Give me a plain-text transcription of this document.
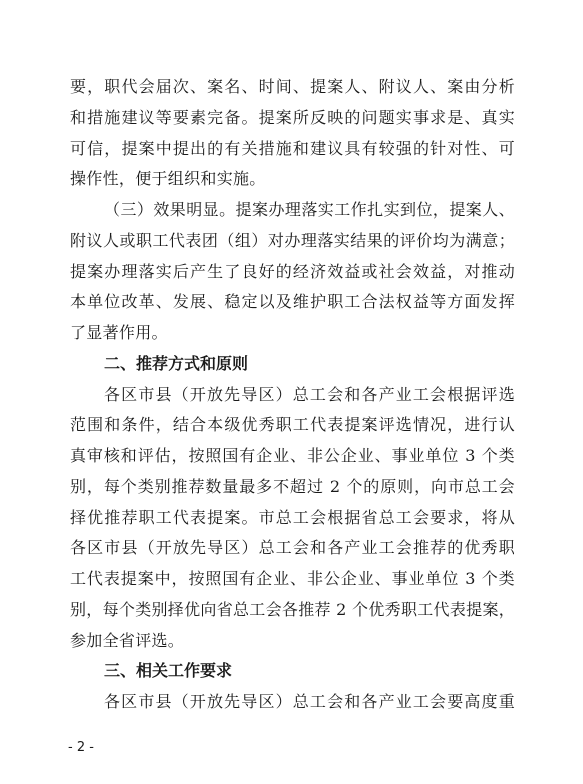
要，职代会届次、案名、时间、提案人、附议人、案由分析
和措施建议等要素完备。提案所反映的问题实事求是、真实
可信，提案中提出的有关措施和建议具有较强的针对性、可
操作性，便于组织和实施。
（三）效果明显。提案办理落实工作扎实到位，提案人、
附议人或职工代表团（组）对办理落实结果的评价均为满意；
提案办理落实后产生了良好的经济效益或社会效益，对推动
本单位改革、发展、稳定以及维护职工合法权益等方面发挥
了显著作用。
二、推荐方式和原则
各区市县（开放先导区）总工会和各产业工会根据评选
范围和条件，结合本级优秀职工代表提案评选情况，进行认
真审核和评估，按照国有企业、非公企业、事业单位 3 个类
别，每个类别推荐数量最多不超过 2 个的原则，向市总工会
择优推荐职工代表提案。市总工会根据省总工会要求，将从
各区市县（开放先导区）总工会和各产业工会推荐的优秀职
工代表提案中，按照国有企业、非公企业、事业单位 3 个类
别，每个类别择优向省总工会各推荐 2 个优秀职工代表提案，
参加全省评选。
三、相关工作要求
各区市县（开放先导区）总工会和各产业工会要高度重
- 2 -
